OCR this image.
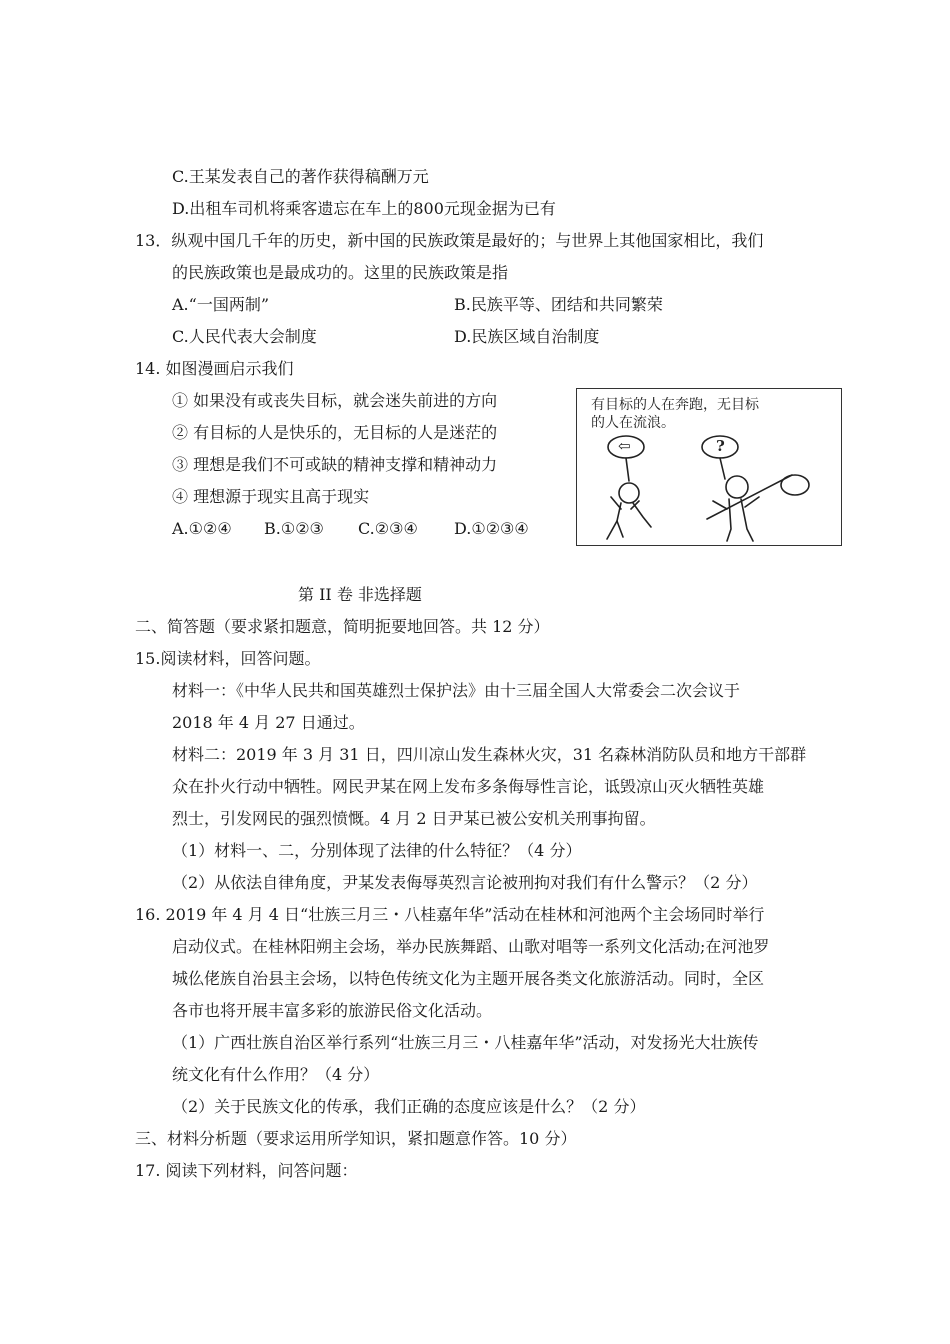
C.王某发表自己的著作获得稿酬万元
D.出租车司机将乘客遗忘在车上的800元现金据为已有
13．纵观中国几千年的历史，新中国的民族政策是最好的；与世界上其他国家相比，我们
的民族政策也是最成功的。这里的民族政策是指
A.“一国两制”	B.民族平等、团结和共同繁荣
C.人民代表大会制度	D.民族区域自治制度
14. 如图漫画启示我们
① 如果没有或丧失目标，就会迷失前进的方向
② 有目标的人是快乐的，无目标的人是迷茫的
③ 理想是我们不可或缺的精神支撑和精神动力
④ 理想源于现实且高于现实
A.①②④ B.①②③ C.②③④ D.①②③④
有目标的人在奔跑，无目标
的人在流浪。
⇦	?
第 II 卷 非选择题
二、简答题（要求紧扣题意，简明扼要地回答。共 12 分）
15.阅读材料，回答问题。
材料一：《中华人民共和国英雄烈士保护法》由十三届全国人大常委会二次会议于
2018 年 4 月 27 日通过。
材料二：2019 年 3 月 31 日，四川凉山发生森林火灾，31 名森林消防队员和地方干部群
众在扑火行动中牺牲。网民尹某在网上发布多条侮辱性言论，诋毁凉山灭火牺牲英雄
烈士，引发网民的强烈愤慨。4 月 2 日尹某已被公安机关刑事拘留。
（1）材料一、二，分别体现了法律的什么特征？（4 分）
（2）从依法自律角度，尹某发表侮辱英烈言论被刑拘对我们有什么警示？（2 分）
16. 2019 年 4 月 4 日“壮族三月三・八桂嘉年华”活动在桂林和河池两个主会场同时举行
启动仪式。在桂林阳朔主会场，举办民族舞蹈、山歌对唱等一系列文化活动;在河池罗
城仫佬族自治县主会场，以特色传统文化为主题开展各类文化旅游活动。同时，全区
各市也将开展丰富多彩的旅游民俗文化活动。
（1）广西壮族自治区举行系列“壮族三月三・八桂嘉年华”活动，对发扬光大壮族传
统文化有什么作用？（4 分）
（2）关于民族文化的传承，我们正确的态度应该是什么？（2 分）
三、材料分析题（要求运用所学知识，紧扣题意作答。10 分）
17. 阅读下列材料，问答问题：
